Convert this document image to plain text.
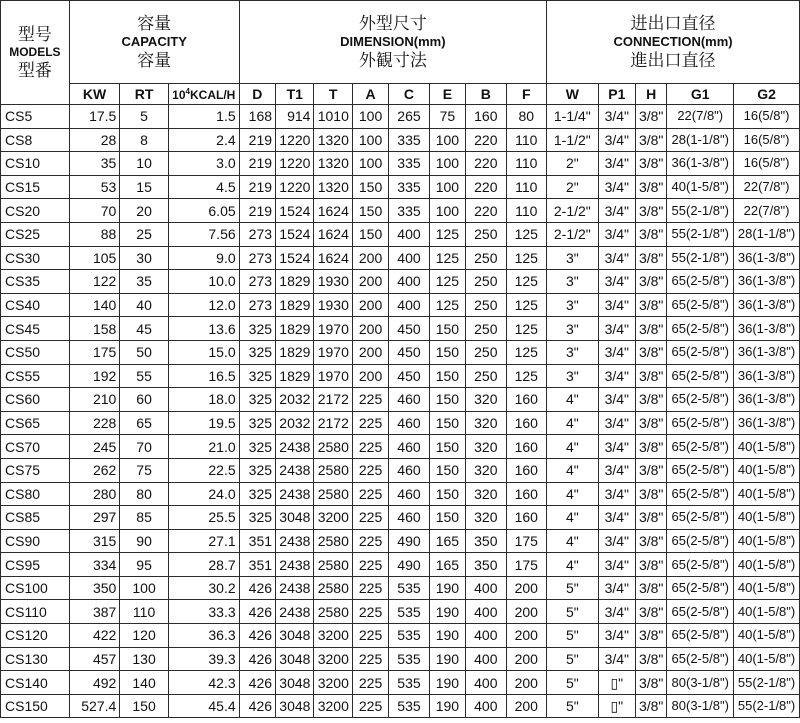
型号
MODELS
型番	容量
CAPACITY
容量			外型尺寸
DIMENSION(mm)
外観寸法								进出口直径
CONNECTION(mm)
進出口直径				

	KW	RT	$10^4KCAL/H$	D	T1	T	A	C	E	B	F	W	P1	H	G1	G2
CS5	17.5	5	1.5	168	914	1010	100	265	75	160	80	1-1/4"	3/4"	3/8"	22(7/8")	16(5/8")
CS8	28	8	2.4	219	1220	1320	100	335	100	220	110	1-1/2"	3/4"	3/8"	28(1-1/8")	16(5/8")
CS10	35	10	3.0	219	1220	1320	100	335	100	220	110	2"	3/4"	3/8"	36(1-3/8")	16(5/8")
CS15	53	15	4.5	219	1220	1320	150	335	100	220	110	2"	3/4"	3/8"	40(1-5/8")	22(7/8")
CS20	70	20	6.05	219	1524	1624	150	335	100	220	110	2-1/2"	3/4"	3/8"	55(2-1/8")	22(7/8")
CS25	88	25	7.56	273	1524	1624	150	400	125	250	125	2-1/2"	3/4"	3/8"	55(2-1/8")	28(1-1/8")
CS30	105	30	9.0	273	1524	1624	200	400	125	250	125	3"	3/4"	3/8"	55(2-1/8")	36(1-3/8")
CS35	122	35	10.0	273	1829	1930	200	400	125	250	125	3"	3/4"	3/8"	65(2-5/8")	36(1-3/8")
CS40	140	40	12.0	273	1829	1930	200	400	125	250	125	3"	3/4"	3/8"	65(2-5/8")	36(1-3/8")
CS45	158	45	13.6	325	1829	1970	200	450	150	250	125	3"	3/4"	3/8"	65(2-5/8")	36(1-3/8")
CS50	175	50	15.0	325	1829	1970	200	450	150	250	125	3"	3/4"	3/8"	65(2-5/8")	36(1-3/8")
CS55	192	55	16.5	325	1829	1970	200	450	150	250	125	3"	3/4"	3/8"	65(2-5/8")	36(1-3/8")
CS60	210	60	18.0	325	2032	2172	225	460	150	320	160	4"	3/4"	3/8"	65(2-5/8")	36(1-3/8")
CS65	228	65	19.5	325	2032	2172	225	460	150	320	160	4"	3/4"	3/8"	65(2-5/8")	36(1-3/8")
CS70	245	70	21.0	325	2438	2580	225	460	150	320	160	4"	3/4"	3/8"	65(2-5/8")	40(1-5/8")
CS75	262	75	22.5	325	2438	2580	225	460	150	320	160	4"	3/4"	3/8"	65(2-5/8")	40(1-5/8")
CS80	280	80	24.0	325	2438	2580	225	460	150	320	160	4"	3/4"	3/8"	65(2-5/8")	40(1-5/8")
CS85	297	85	25.5	325	3048	3200	225	460	150	320	160	4"	3/4"	3/8"	65(2-5/8")	40(1-5/8")
CS90	315	90	27.1	351	2438	2580	225	490	165	350	175	4"	3/4"	3/8"	65(2-5/8")	40(1-5/8")
CS95	334	95	28.7	351	2438	2580	225	490	165	350	175	4"	3/4"	3/8"	65(2-5/8")	40(1-5/8")
CS100	350	100	30.2	426	2438	2580	225	535	190	400	200	5"	3/4"	3/8"	65(2-5/8")	40(1-5/8")
CS110	387	110	33.3	426	2438	2580	225	535	190	400	200	5"	3/4"	3/8"	65(2-5/8")	40(1-5/8")
CS120	422	120	36.3	426	3048	3200	225	535	190	400	200	5"	3/4"	3/8"	65(2-5/8")	40(1-5/8")
CS130	457	130	39.3	426	3048	3200	225	535	190	400	200	5"	3/4"	3/8"	65(2-5/8")	40(1-5/8")
CS140	492	140	42.3	426	3048	3200	225	535	190	400	200	5"	▯"	3/8"	80(3-1/8")	55(2-1/8")
CS150	527.4	150	45.4	426	3048	3200	225	535	190	400	200	5"	▯"	3/8"	80(3-1/8")	55(2-1/8")
